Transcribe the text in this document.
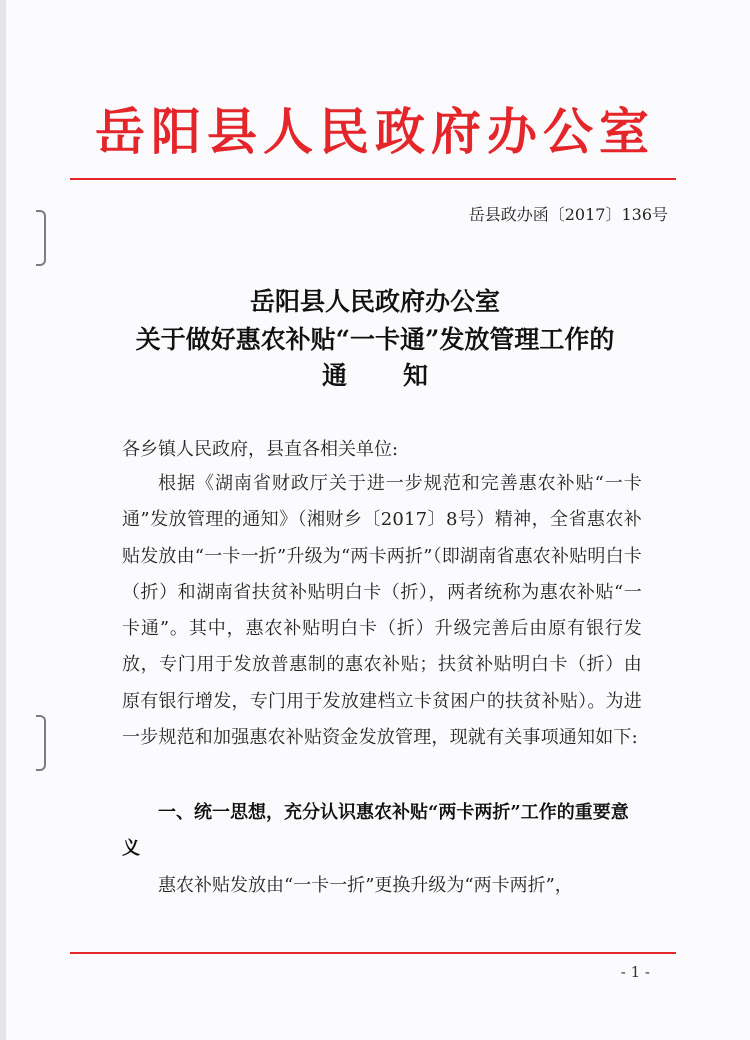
岳阳县人民政府办公室
岳县政办函〔2017〕136号
岳阳县人民政府办公室
关于做好惠农补贴“一卡通”发放管理工作的
通知
各乡镇人民政府，县直各相关单位:
根据《湖南省财政厅关于进一步规范和完善惠农补贴“一卡通”发放管理的通知》（湘财乡〔2017〕8号）精神，全省惠农补贴发放由“一卡一折”升级为“两卡两折”（即湖南省惠农补贴明白卡（折）和湖南省扶贫补贴明白卡（折），两者统称为惠农补贴“一卡通”。其中，惠农补贴明白卡（折）升级完善后由原有银行发放，专门用于发放普惠制的惠农补贴；扶贫补贴明白卡（折）由原有银行增发，专门用于发放建档立卡贫困户的扶贫补贴）。为进一步规范和加强惠农补贴资金发放管理，现就有关事项通知如下:
一、统一思想，充分认识惠农补贴“两卡两折”工作的重要意义
惠农补贴发放由“一卡一折”更换升级为“两卡两折”，
- 1 -
